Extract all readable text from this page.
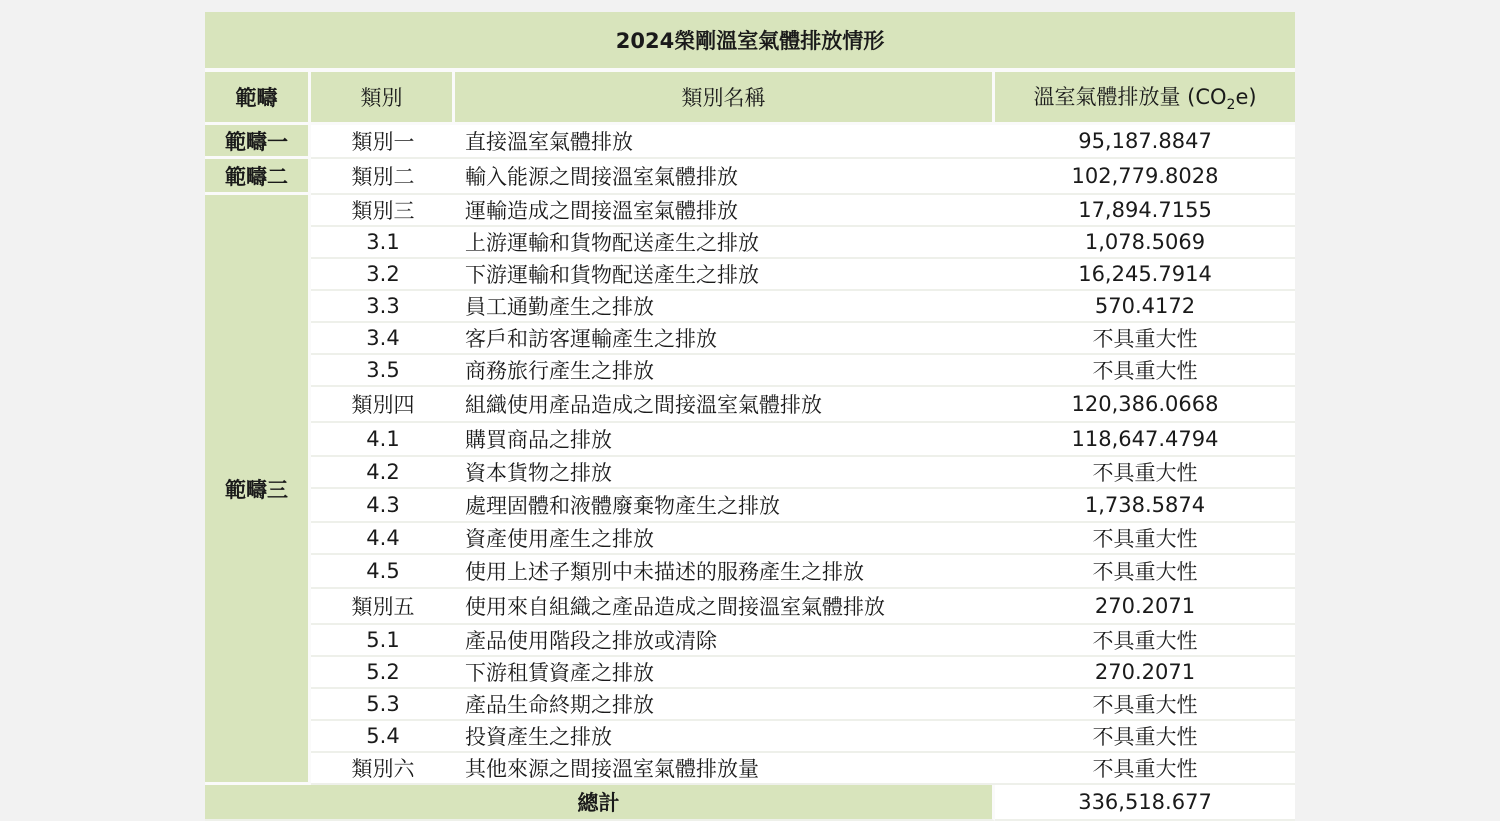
2024榮剛溫室氣體排放情形			
範疇	類別	類別名稱	溫室氣體排放量 $(CO_2e)$
範疇一	類別一	直接溫室氣體排放	95,187.8847
範疇二	類別二	輸入能源之間接溫室氣體排放	102,779.8028
範疇三	類別三	運輸造成之間接溫室氣體排放	17,894.7155
	3.1	上游運輸和貨物配送產生之排放	1,078.5069
	3.2	下游運輸和貨物配送產生之排放	16,245.7914
	3.3	員工通勤產生之排放	570.4172
	3.4	客戶和訪客運輸產生之排放	不具重大性
	3.5	商務旅行產生之排放	不具重大性
	類別四	組織使用產品造成之間接溫室氣體排放	120,386.0668
	4.1	購買商品之排放	118,647.4794
	4.2	資本貨物之排放	不具重大性
	4.3	處理固體和液體廢棄物產生之排放	1,738.5874
	4.4	資產使用產生之排放	不具重大性
	4.5	使用上述子類別中未描述的服務產生之排放	不具重大性
	類別五	使用來自組織之產品造成之間接溫室氣體排放	270.2071
	5.1	產品使用階段之排放或清除	不具重大性
	5.2	下游租賃資產之排放	270.2071
	5.3	產品生命終期之排放	不具重大性
	5.4	投資產生之排放	不具重大性
	類別六	其他來源之間接溫室氣體排放量	不具重大性
總計			336,518.677
